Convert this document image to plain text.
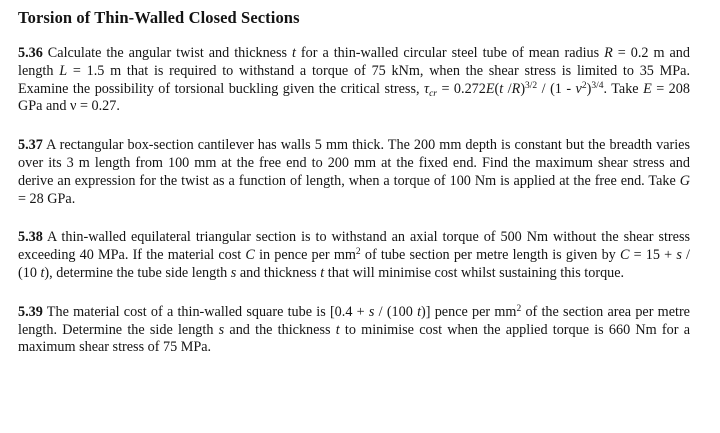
Torsion of Thin-Walled Closed Sections

5.36 Calculate the angular twist and thickness t for a thin-walled circular steel tube of mean radius R = 0.2 m and length L = 1.5 m that is required to withstand a torque of 75 kNm, when the shear stress is limited to 35 MPa. Examine the possibility of torsional buckling given the critical stress, $\tau_{cr} = 0.272E(t$ $/R)^{3/2} / (1 - \nu^2)^{3/4}$. Take E = 208 GPa and ν = 0.27.

5.37 A rectangular box-section cantilever has walls 5 mm thick. The 200 mm depth is constant but the breadth varies over its 3 m length from 100 mm at the free end to 200 mm at the fixed end. Find the maximum shear stress and derive an expression for the twist as a function of length, when a torque of 100 Nm is applied at the free end. Take G = 28 GPa.

5.38 A thin-walled equilateral triangular section is to withstand an axial torque of 500 Nm without the shear stress exceeding 40 MPa. If the material cost C in pence per $mm^2$ of tube section per metre length is given by C = 15 + s / (10 t), determine the tube side length s and thickness t that will minimise cost whilst sustaining this torque.

5.39 The material cost of a thin-walled square tube is [0.4 + s / (100 t)] pence per $mm^2$ of the section area per metre length. Determine the side length s and the thickness t to minimise cost when the applied torque is 660 Nm for a maximum shear stress of 75 MPa.
